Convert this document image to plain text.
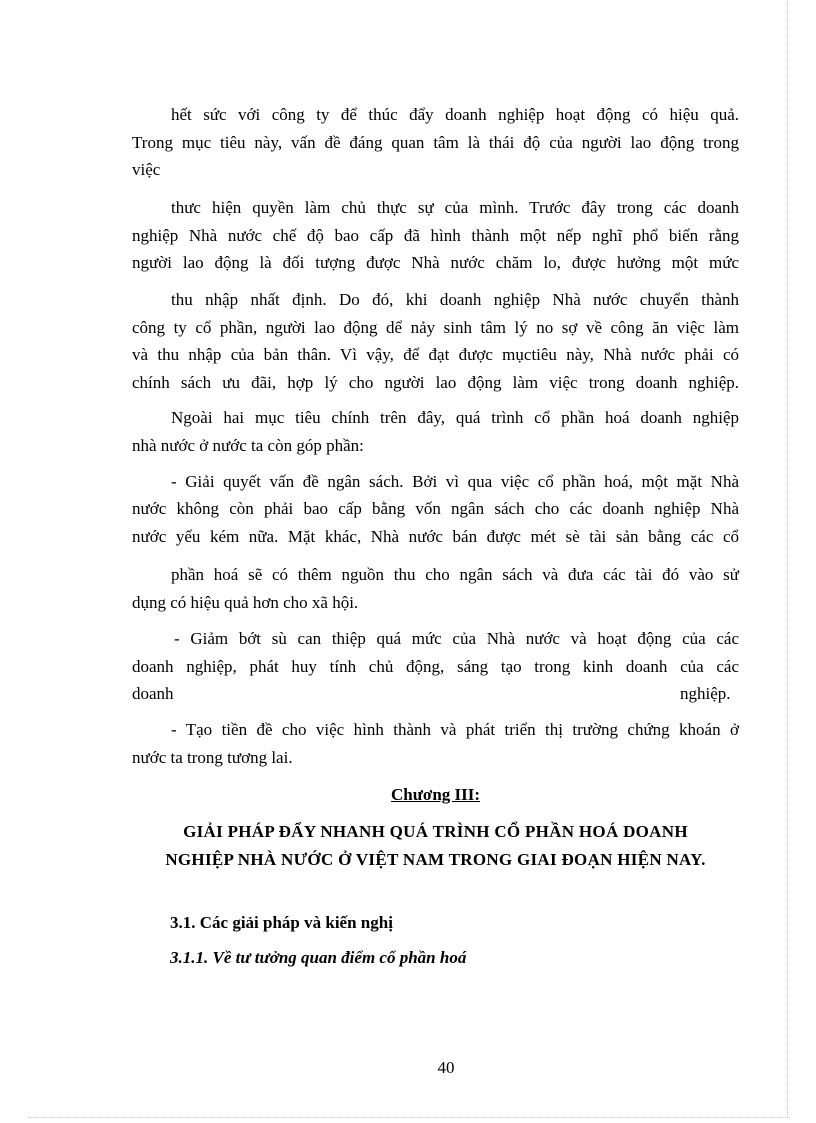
hết sức với công ty để thúc đẩy doanh nghiệp hoạt động có hiệu quả.
Trong mục tiêu này, vấn đề đáng quan tâm là thái độ của người lao động trong
việc
thưc hiện quyền làm chủ thực sự của mình. Trước đây trong các doanh
nghiệp Nhà nước chế độ bao cấp đã hình thành một nếp nghĩ phổ biến rằng
người lao động là đối tượng được Nhà nước chăm lo, được hưởng một mức
thu nhập nhất định. Do đó, khi doanh nghiệp Nhà nước chuyển thành
công ty cổ phần, người lao động dể nảy sinh tâm lý no sợ về công ăn việc làm
và thu nhập của bản thân. Vì vậy, để đạt được mụctiêu này, Nhà nước phải có
chính sách ưu đãi, hợp lý cho người lao động làm việc trong doanh nghiệp.
Ngoài hai mục tiêu chính trên đây, quá trình cổ phần hoá doanh nghiệp
nhà nước ở nước ta còn góp phần:
- Giải quyết vấn đề ngân sách. Bởi vì qua việc cổ phần hoá, một mặt Nhà
nước không còn phải bao cấp bằng vốn ngân sách cho các doanh nghiệp Nhà
nước yếu kém nữa. Mặt khác, Nhà nước bán được mét sè tài sản bằng các cổ
phần hoá sẽ có thêm nguồn thu cho ngân sách và đưa các tài đó vào sử
dụng có hiệu quả hơn cho xã hội.
- Giảm bớt sù can thiệp quá mức của Nhà nước và hoạt động của các
doanh nghiệp, phát huy tính chủ động, sáng tạo trong kinh doanh của các
doanh	nghiệp.
- Tạo tiền đề cho việc hình thành và phát triển thị trường chứng khoán ở
nước ta trong tương lai.
Chương III:
GIẢI PHÁP ĐẨY NHANH QUÁ TRÌNH CỔ PHẦN HOÁ DOANH
NGHIỆP NHÀ NƯỚC Ở VIỆT NAM TRONG GIAI ĐOẠN HIỆN NAY.
3.1. Các giải pháp và kiến nghị
3.1.1. Về tư tưởng quan điểm cổ phần hoá
40
